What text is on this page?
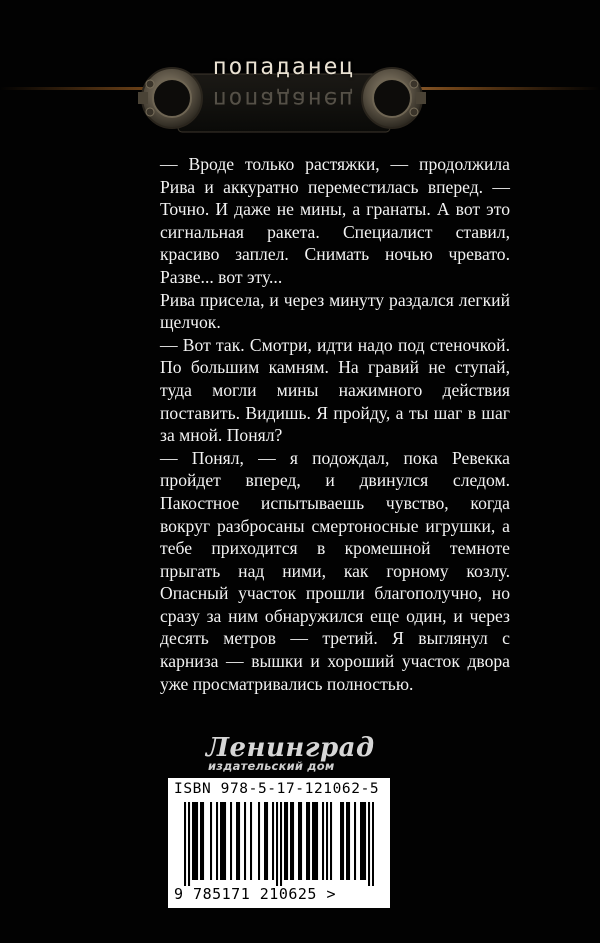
попаданец
попаданец

— Вроде только растяжки, — продолжила Рива и аккуратно переместилась вперед. — Точно. И даже не мины, а гранаты. А вот это сигнальная ракета. Специалист ставил, красиво заплел. Снимать ночью чревато. Разве... вот эту...

Рива присела, и через минуту раздался легкий щелчок.

— Вот так. Смотри, идти надо под стеночкой. По большим камням. На гравий не ступай, туда могли мины нажимного действия поставить. Видишь. Я пройду, а ты шаг в шаг за мной. Понял?

— Понял, — я подождал, пока Ревекка пройдет вперед, и двинулся следом. Пакостное испытываешь чувство, когда вокруг разбросаны смертоносные игрушки, а тебе приходится в кромешной темноте прыгать над ними, как горному козлу. Опасный участок прошли благополучно, но сразу за ним обнаружился еще один, и через десять метров — третий. Я выглянул с карниза — вышки и хороший участок двора уже просматривались полностью.

Ленинград
издательский дом
ISBN 978-5-17-121062-5
9 785171 210625 >
